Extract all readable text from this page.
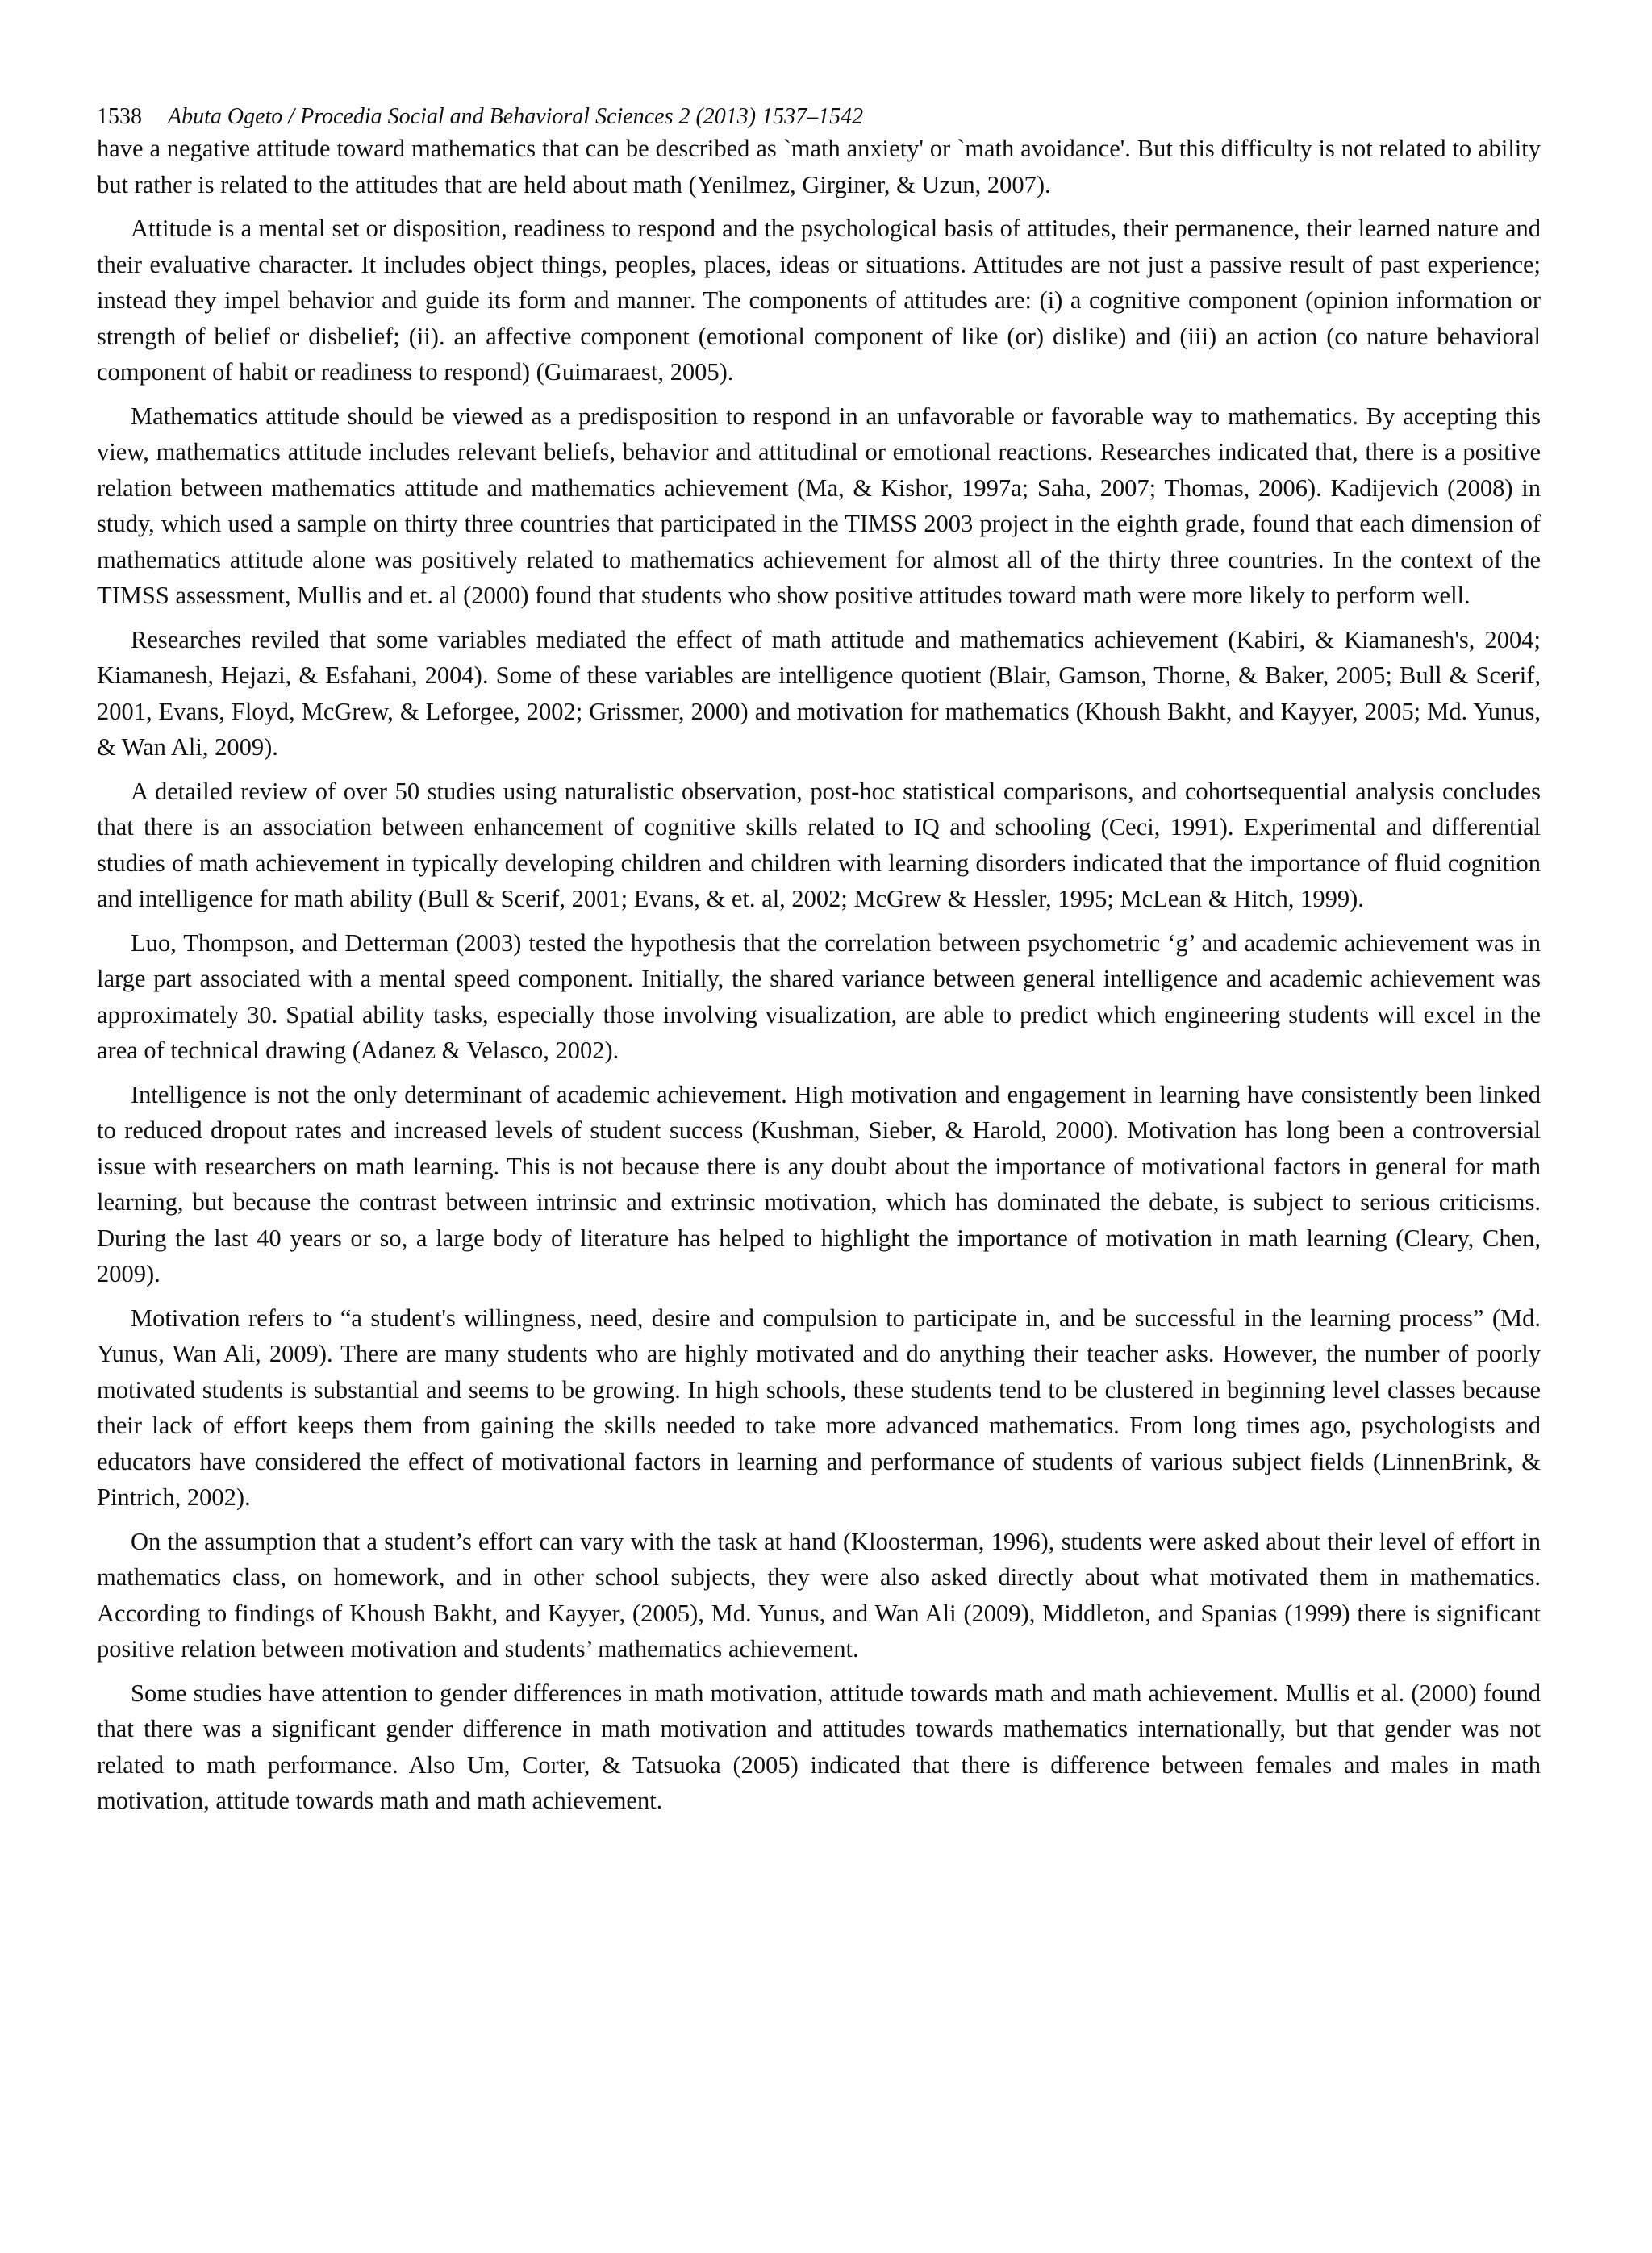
1538 Abuta Ogeto / Procedia Social and Behavioral Sciences 2 (2013) 1537–1542

have a negative attitude toward mathematics that can be described as `math anxiety' or `math avoidance'. But this difficulty is not related to ability but rather is related to the attitudes that are held about math (Yenilmez, Girginer, & Uzun, 2007).

Attitude is a mental set or disposition, readiness to respond and the psychological basis of attitudes, their permanence, their learned nature and their evaluative character. It includes object things, peoples, places, ideas or situations. Attitudes are not just a passive result of past experience; instead they impel behavior and guide its form and manner. The components of attitudes are: (i) a cognitive component (opinion information or strength of belief or disbelief; (ii). an affective component (emotional component of like (or) dislike) and (iii) an action (co nature behavioral component of habit or readiness to respond) (Guimaraest, 2005).

Mathematics attitude should be viewed as a predisposition to respond in an unfavorable or favorable way to mathematics. By accepting this view, mathematics attitude includes relevant beliefs, behavior and attitudinal or emotional reactions. Researches indicated that, there is a positive relation between mathematics attitude and mathematics achievement (Ma, & Kishor, 1997a; Saha, 2007; Thomas, 2006). Kadijevich (2008) in study, which used a sample on thirty three countries that participated in the TIMSS 2003 project in the eighth grade, found that each dimension of mathematics attitude alone was positively related to mathematics achievement for almost all of the thirty three countries. In the context of the TIMSS assessment, Mullis and et. al (2000) found that students who show positive attitudes toward math were more likely to perform well.

Researches reviled that some variables mediated the effect of math attitude and mathematics achievement (Kabiri, & Kiamanesh's, 2004; Kiamanesh, Hejazi, & Esfahani, 2004). Some of these variables are intelligence quotient (Blair, Gamson, Thorne, & Baker, 2005; Bull & Scerif, 2001, Evans, Floyd, McGrew, & Leforgee, 2002; Grissmer, 2000) and motivation for mathematics (Khoush Bakht, and Kayyer, 2005; Md. Yunus, & Wan Ali, 2009).

A detailed review of over 50 studies using naturalistic observation, post-hoc statistical comparisons, and cohortsequential analysis concludes that there is an association between enhancement of cognitive skills related to IQ and schooling (Ceci, 1991). Experimental and differential studies of math achievement in typically developing children and children with learning disorders indicated that the importance of fluid cognition and intelligence for math ability (Bull & Scerif, 2001; Evans, & et. al, 2002; McGrew & Hessler, 1995; McLean & Hitch, 1999).

Luo, Thompson, and Detterman (2003) tested the hypothesis that the correlation between psychometric ‘g’ and academic achievement was in large part associated with a mental speed component. Initially, the shared variance between general intelligence and academic achievement was approximately 30. Spatial ability tasks, especially those involving visualization, are able to predict which engineering students will excel in the area of technical drawing (Adanez & Velasco, 2002).

Intelligence is not the only determinant of academic achievement. High motivation and engagement in learning have consistently been linked to reduced dropout rates and increased levels of student success (Kushman, Sieber, & Harold, 2000). Motivation has long been a controversial issue with researchers on math learning. This is not because there is any doubt about the importance of motivational factors in general for math learning, but because the contrast between intrinsic and extrinsic motivation, which has dominated the debate, is subject to serious criticisms. During the last 40 years or so, a large body of literature has helped to highlight the importance of motivation in math learning (Cleary, Chen, 2009).

Motivation refers to “a student's willingness, need, desire and compulsion to participate in, and be successful in the learning process” (Md. Yunus, Wan Ali, 2009). There are many students who are highly motivated and do anything their teacher asks. However, the number of poorly motivated students is substantial and seems to be growing. In high schools, these students tend to be clustered in beginning level classes because their lack of effort keeps them from gaining the skills needed to take more advanced mathematics. From long times ago, psychologists and educators have considered the effect of motivational factors in learning and performance of students of various subject fields (LinnenBrink, & Pintrich, 2002).

On the assumption that a student’s effort can vary with the task at hand (Kloosterman, 1996), students were asked about their level of effort in mathematics class, on homework, and in other school subjects, they were also asked directly about what motivated them in mathematics. According to findings of Khoush Bakht, and Kayyer, (2005), Md. Yunus, and Wan Ali (2009), Middleton, and Spanias (1999) there is significant positive relation between motivation and students’ mathematics achievement.

Some studies have attention to gender differences in math motivation, attitude towards math and math achievement. Mullis et al. (2000) found that there was a significant gender difference in math motivation and attitudes towards mathematics internationally, but that gender was not related to math performance. Also Um, Corter, & Tatsuoka (2005) indicated that there is difference between females and males in math motivation, attitude towards math and math achievement.
